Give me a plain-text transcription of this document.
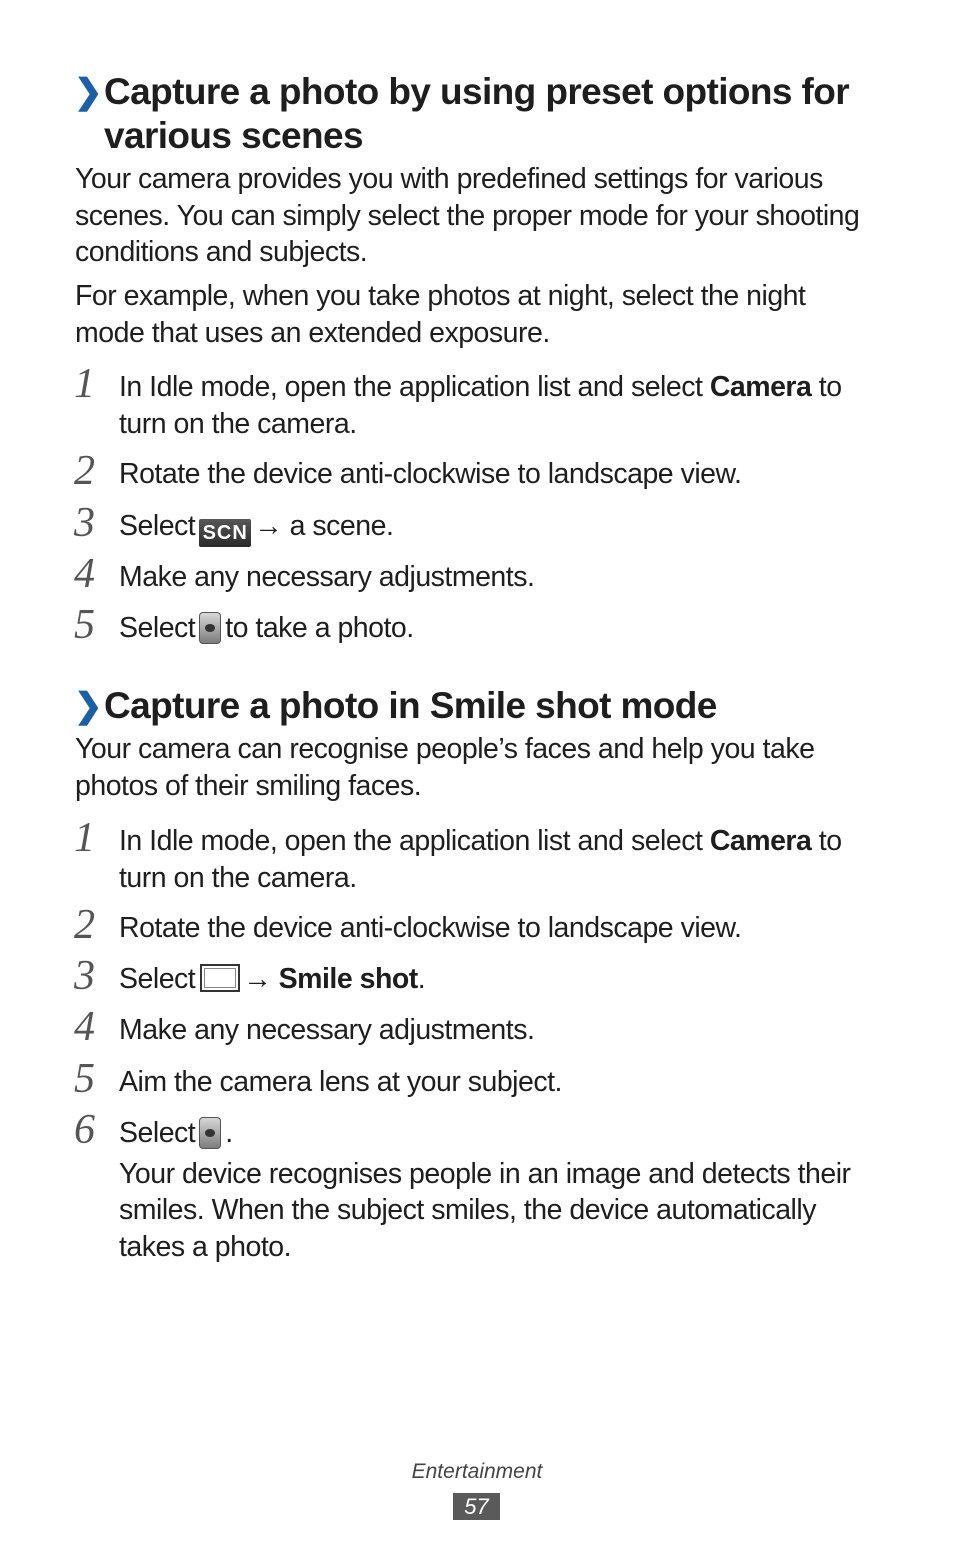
❯ Capture a photo by using preset options for various scenes
Your camera provides you with predefined settings for various scenes. You can simply select the proper mode for your shooting conditions and subjects.
For example, when you take photos at night, select the night mode that uses an extended exposure.
1 In Idle mode, open the application list and select Camera to turn on the camera.
2 Rotate the device anti-clockwise to landscape view.
3 Select SCN → a scene.
4 Make any necessary adjustments.
5 Select to take a photo.
❯ Capture a photo in Smile shot mode
Your camera can recognise people’s faces and help you take photos of their smiling faces.
1 In Idle mode, open the application list and select Camera to turn on the camera.
2 Rotate the device anti-clockwise to landscape view.
3 Select → Smile shot.
4 Make any necessary adjustments.
5 Aim the camera lens at your subject.
6 Select .
Your device recognises people in an image and detects their smiles. When the subject smiles, the device automatically takes a photo.
Entertainment
57
